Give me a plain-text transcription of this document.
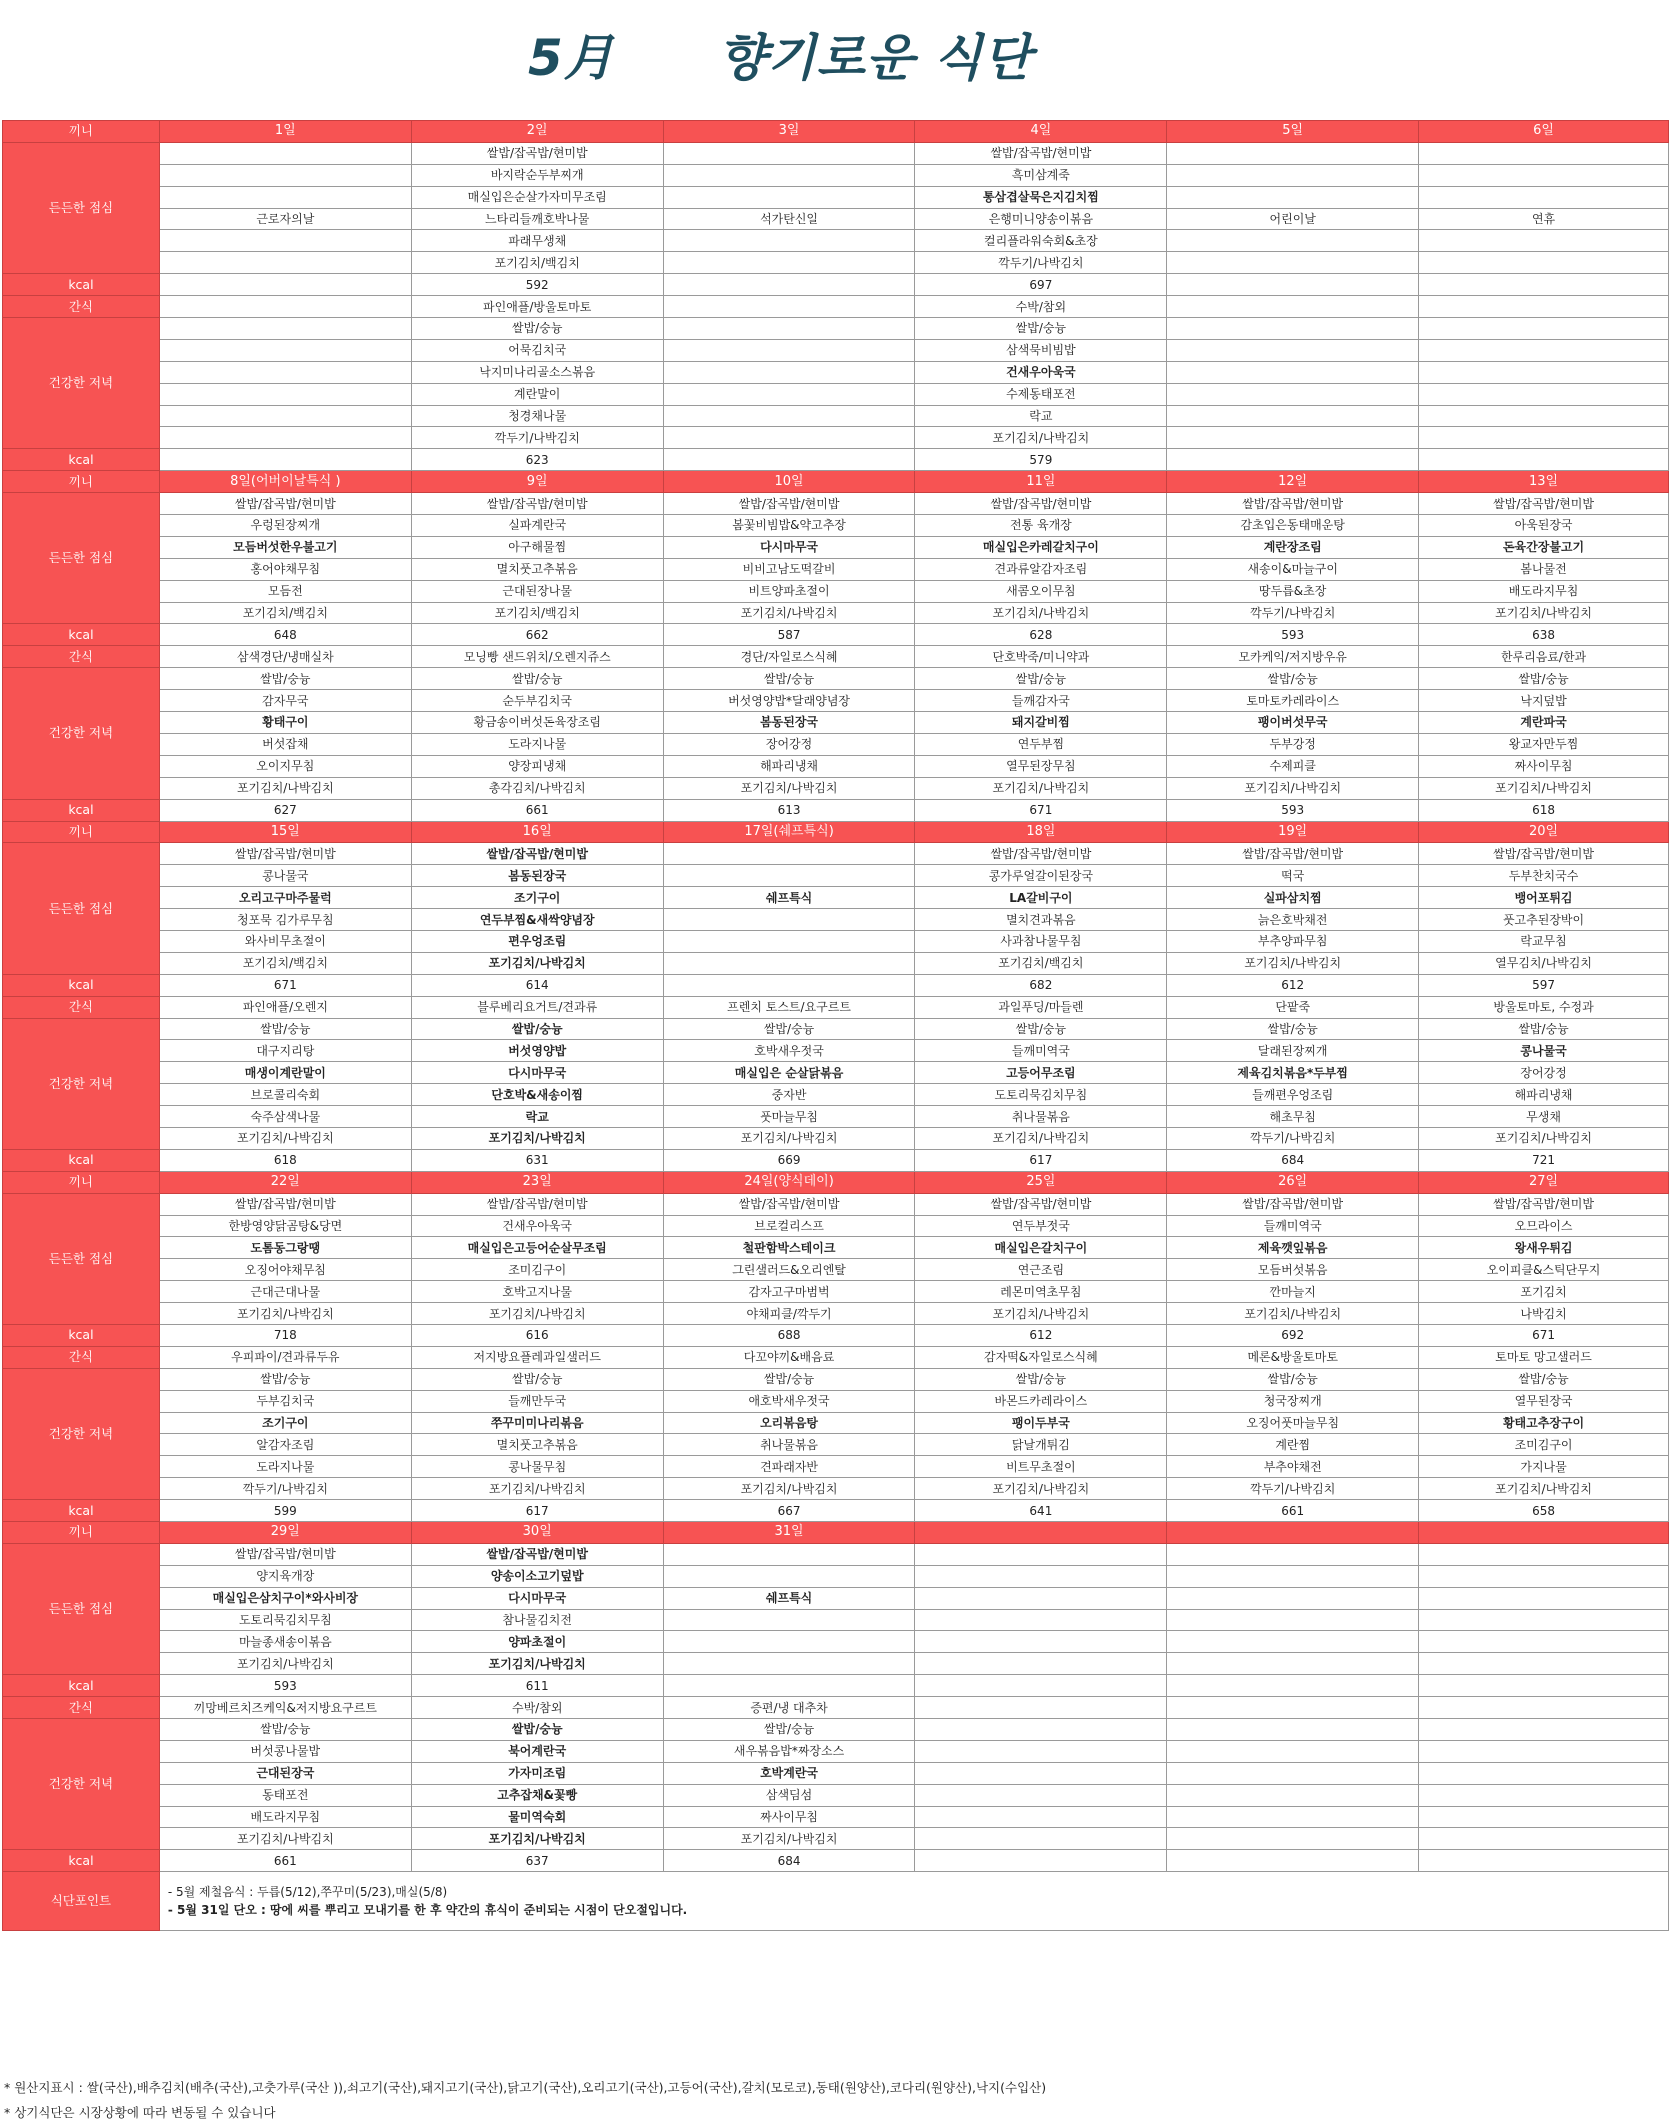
5月 향기로운 식단
끼니	1일	2일	3일	4일	5일	6일
든든한 점심		쌀밥/잡곡밥/현미밥		쌀밥/잡곡밥/현미밥		
		바지락순두부찌개		흑미삼계죽		
		매실입은순살가자미무조림		통삼겹살묵은지김치찜		
	근로자의날	느타리들깨호박나물	석가탄신일	은행미니양송이볶음	어린이날	연휴
		파래무생채		컬리플라워숙회&초장		
		포기김치/백김치		깍두기/나박김치		
kcal		592		697		
간식		파인애플/방울토마토		수박/참외		
건강한 저녁		쌀밥/숭늉		쌀밥/숭늉		
		어묵김치국		삼색묵비빔밥		
		낙지미나리골소스볶음		건새우아욱국		
		계란말이		수제동태포전		
		청경채나물		락교		
		깍두기/나박김치		포기김치/나박김치		
kcal		623		579		
끼니	8일(어버이날특식 )	9일	10일	11일	12일	13일
든든한 점심	쌀밥/잡곡밥/현미밥	쌀밥/잡곡밥/현미밥	쌀밥/잡곡밥/현미밥	쌀밥/잡곡밥/현미밥	쌀밥/잡곡밥/현미밥	쌀밥/잡곡밥/현미밥
	우렁된장찌개	실파계란국	봄꽃비빔밥&약고추장	전통 육개장	감초입은동태매운탕	아욱된장국
	모듬버섯한우불고기	아구해물찜	다시마무국	매실입은카레갈치구이	계란장조림	돈육간장불고기
	홍어야채무침	멸치풋고추볶음	비비고남도떡갈비	견과류알감자조림	새송이&마늘구이	봄나물전
	모듬전	근대된장나물	비트양파초절이	새콤오이무침	땅두릅&초장	배도라지무침
	포기김치/백김치	포기김치/백김치	포기김치/나박김치	포기김치/나박김치	깍두기/나박김치	포기김치/나박김치
kcal	648	662	587	628	593	638
간식	삼색경단/냉매실차	모닝빵 샌드위치/오렌지쥬스	경단/자일로스식혜	단호박죽/미니약과	모카케익/저지방우유	한루리음료/한과
건강한 저녁	쌀밥/숭늉	쌀밥/숭늉	쌀밥/숭늉	쌀밥/숭늉	쌀밥/숭늉	쌀밥/숭늉
	감자무국	순두부김치국	버섯영양밥*달래양념장	들깨감자국	토마토카레라이스	낙지덮밥
	황태구이	황금송이버섯돈육장조림	봄동된장국	돼지갈비찜	팽이버섯무국	계란파국
	버섯잡채	도라지나물	장어강정	연두부찜	두부강정	왕교자만두찜
	오이지무침	양장피냉채	해파리냉채	열무된장무침	수제피클	짜사이무침
	포기김치/나박김치	총각김치/나박김치	포기김치/나박김치	포기김치/나박김치	포기김치/나박김치	포기김치/나박김치
kcal	627	661	613	671	593	618
끼니	15일	16일	17일(쉐프특식)	18일	19일	20일
든든한 점심	쌀밥/잡곡밥/현미밥	쌀밥/잡곡밥/현미밥		쌀밥/잡곡밥/현미밥	쌀밥/잡곡밥/현미밥	쌀밥/잡곡밥/현미밥
	콩나물국	봄동된장국		콩가루얼갈이된장국	떡국	두부찬치국수
	오리고구마주물럭	조기구이	쉐프특식	LA갈비구이	실파삼치찜	뱅어포튀김
	청포묵 김가루무침	연두부찜&새싹양념장		멸치견과볶음	늙은호박채전	풋고추된장박이
	와사비무초절이	편우엉조림		사과참나물무침	부추양파무침	락교무침
	포기김치/백김치	포기김치/나박김치		포기김치/백김치	포기김치/나박김치	열무김치/나박김치
kcal	671	614		682	612	597
간식	파인애플/오렌지	블루베리요거트/견과류	프렌치 토스트/요구르트	과일푸딩/마들렌	단팥죽	방울토마토, 수정과
건강한 저녁	쌀밥/숭늉	쌀밥/숭늉	쌀밥/숭늉	쌀밥/숭늉	쌀밥/숭늉	쌀밥/숭늉
	대구지리탕	버섯영양밥	호박새우젓국	들깨미역국	달래된장찌개	콩나물국
	매생이계란말이	다시마무국	매실입은 순살닭볶음	고등어무조림	제육김치볶음*두부찜	장어강정
	브로콜리숙회	단호박&새송이찜	중자반	도토리묵김치무침	들깨편우엉조림	해파리냉채
	숙주삼색나물	락교	풋마늘무침	취나물볶음	해초무침	무생채
	포기김치/나박김치	포기김치/나박김치	포기김치/나박김치	포기김치/나박김치	깍두기/나박김치	포기김치/나박김치
kcal	618	631	669	617	684	721
끼니	22일	23일	24일(양식데이)	25일	26일	27일
든든한 점심	쌀밥/잡곡밥/현미밥	쌀밥/잡곡밥/현미밥	쌀밥/잡곡밥/현미밥	쌀밥/잡곡밥/현미밥	쌀밥/잡곡밥/현미밥	쌀밥/잡곡밥/현미밥
	한방영양닭곰탕&당면	건새우아욱국	브로컬리스프	연두부젓국	들깨미역국	오므라이스
	도톰동그랑땡	매실입은고등어순살무조림	철판함박스테이크	매실입은갈치구이	제육깻잎볶음	왕새우튀김
	오징어야채무침	조미김구이	그린샐러드&오리엔탈	연근조림	모듬버섯볶음	오이피클&스틱단무지
	근대근대나물	호박고지나물	감자고구마범벅	레몬미역초무침	깐마늘지	포기김치
	포기김치/나박김치	포기김치/나박김치	야채피클/깍두기	포기김치/나박김치	포기김치/나박김치	나박김치
kcal	718	616	688	612	692	671
간식	우피파이/견과류두유	저지방요플레과일샐러드	다꼬야끼&배음료	감자떡&자일로스식혜	메론&방울토마토	토마토 망고샐러드
건강한 저녁	쌀밥/숭늉	쌀밥/숭늉	쌀밥/숭늉	쌀밥/숭늉	쌀밥/숭늉	쌀밥/숭늉
	두부김치국	들깨만두국	애호박새우젓국	바몬드카레라이스	청국장찌개	열무된장국
	조기구이	쭈꾸미미나리볶음	오리볶음탕	팽이두부국	오징어풋마늘무침	황태고추장구이
	알감자조림	멸치풋고추볶음	취나물볶음	닭날개튀김	계란찜	조미김구이
	도라지나물	콩나물무침	견파래자반	비트무초절이	부추야채전	가지나물
	깍두기/나박김치	포기김치/나박김치	포기김치/나박김치	포기김치/나박김치	깍두기/나박김치	포기김치/나박김치
kcal	599	617	667	641	661	658
끼니	29일	30일	31일			
든든한 점심	쌀밥/잡곡밥/현미밥	쌀밥/잡곡밥/현미밥				
	양지육개장	양송이소고기덮밥				
	매실입은삼치구이*와사비장	다시마무국	쉐프특식			
	도토리묵김치무침	참나물김치전				
	마늘종새송이볶음	양파초절이				
	포기김치/나박김치	포기김치/나박김치				
kcal	593	611				
간식	끼망베르치즈케익&저지방요구르트	수박/참외	증편/냉 대추차			
건강한 저녁	쌀밥/숭늉	쌀밥/숭늉	쌀밥/숭늉			
	버섯콩나물밥	북어계란국	새우볶음밥*짜장소스			
	근대된장국	가자미조림	호박계란국			
	동태포전	고추잡채&꽃빵	삼색딤섬			
	배도라지무침	물미역숙회	짜사이무침			
	포기김치/나박김치	포기김치/나박김치	포기김치/나박김치			
kcal	661	637	684			
식단포인트	- 5월 제철음식 : 두릅(5/12),쭈꾸미(5/23),매실(5/8)
- 5월 31일 단오 : 땅에 씨를 뿌리고 모내기를 한 후 약간의 휴식이 준비되는 시점이 단오절입니다.					
* 원산지표시 : 쌀(국산),배추김치(배추(국산),고춧가루(국산 )),쇠고기(국산),돼지고기(국산),닭고기(국산),오리고기(국산),고등어(국산),갈치(모로코),동태(원양산),코다리(원양산),낙지(수입산)
* 상기식단은 시장상황에 따라 변동될 수 있습니다
